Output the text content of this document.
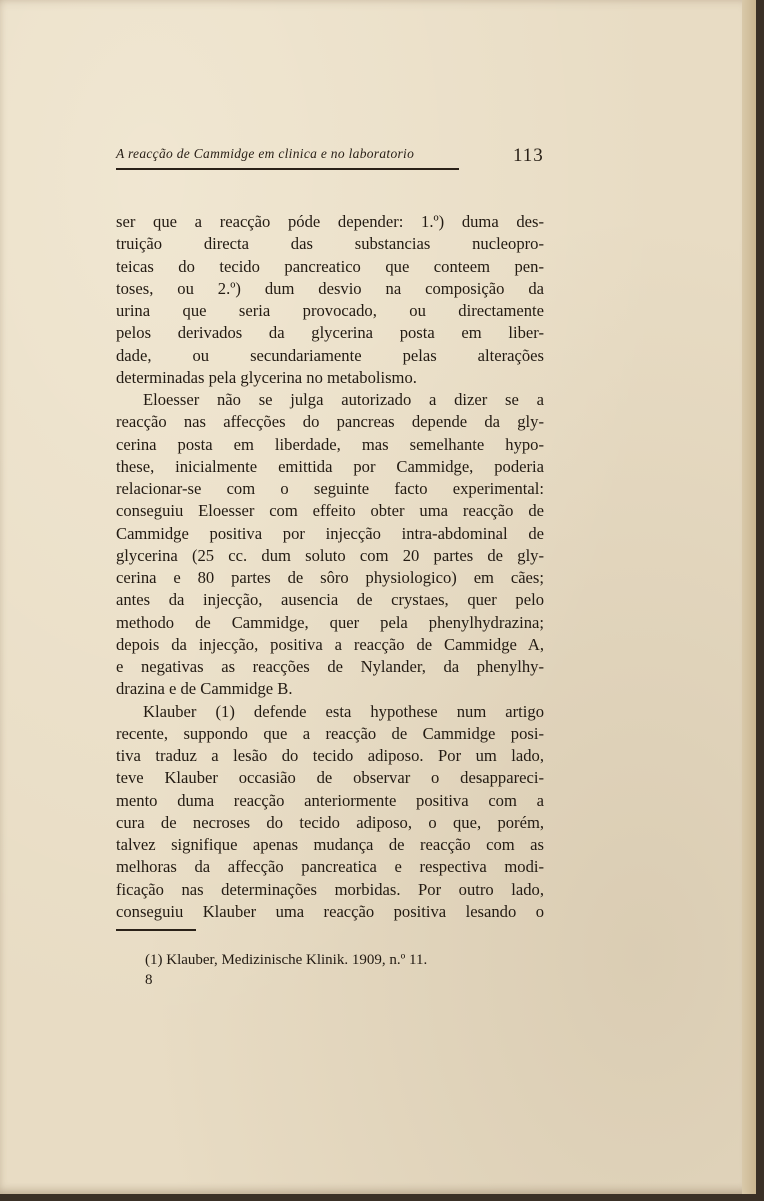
A reacção de Cammidge em clinica e no laboratorio	113
ser que a reacção póde depender: 1.º) duma des-
truição directa das substancias nucleopro-
teicas do tecido pancreatico que conteem pen-
toses, ou 2.º) dum desvio na composição da
urina que seria provocado, ou directamente
pelos derivados da glycerina posta em liber-
dade, ou secundariamente pelas alterações
determinadas pela glycerina no metabolismo.
Eloesser não se julga autorizado a dizer se a
reacção nas affecções do pancreas depende da gly-
cerina posta em liberdade, mas semelhante hypo-
these, inicialmente emittida por Cammidge, poderia
relacionar-se com o seguinte facto experimental:
conseguiu Eloesser com effeito obter uma reacção de
Cammidge positiva por injecção intra-abdominal de
glycerina (25 cc. dum soluto com 20 partes de gly-
cerina e 80 partes de sôro physiologico) em cães;
antes da injecção, ausencia de crystaes, quer pelo
methodo de Cammidge, quer pela phenylhydrazina;
depois da injecção, positiva a reacção de Cammidge A,
e negativas as reacções de Nylander, da phenylhy-
drazina e de Cammidge B.
Klauber (1) defende esta hypothese num artigo
recente, suppondo que a reacção de Cammidge posi-
tiva traduz a lesão do tecido adiposo. Por um lado,
teve Klauber occasião de observar o desappareci-
mento duma reacção anteriormente positiva com a
cura de necroses do tecido adiposo, o que, porém,
talvez signifique apenas mudança de reacção com as
melhoras da affecção pancreatica e respectiva modi-
ficação nas determinações morbidas. Por outro lado,
conseguiu Klauber uma reacção positiva lesando o
(1) Klauber, Medizinische Klinik. 1909, n.º 11.
8
